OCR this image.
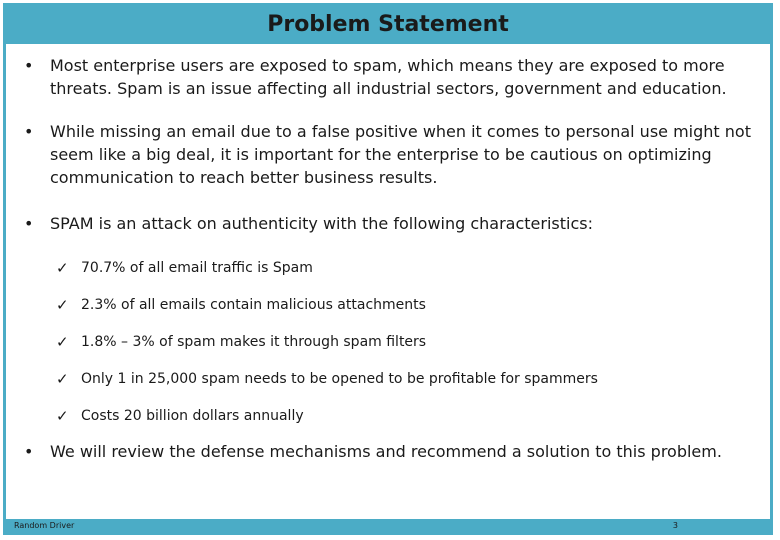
Problem Statement
• Most enterprise users are exposed to spam, which means they are exposed to more threats. Spam is an issue affecting all industrial sectors, government and education.
• While missing an email due to a false positive when it comes to personal use might not seem like a big deal, it is important for the enterprise to be cautious on optimizing communication to reach better business results.
• SPAM is an attack on authenticity with the following characteristics:
✓ 70.7% of all email traffic is Spam
✓ 2.3% of all emails contain malicious attachments
✓ 1.8% – 3% of spam makes it through spam filters
✓ Only 1 in 25,000 spam needs to be opened to be profitable for spammers
✓ Costs 20 billion dollars annually
• We will review the defense mechanisms and recommend a solution to this problem.
Random Driver	3
